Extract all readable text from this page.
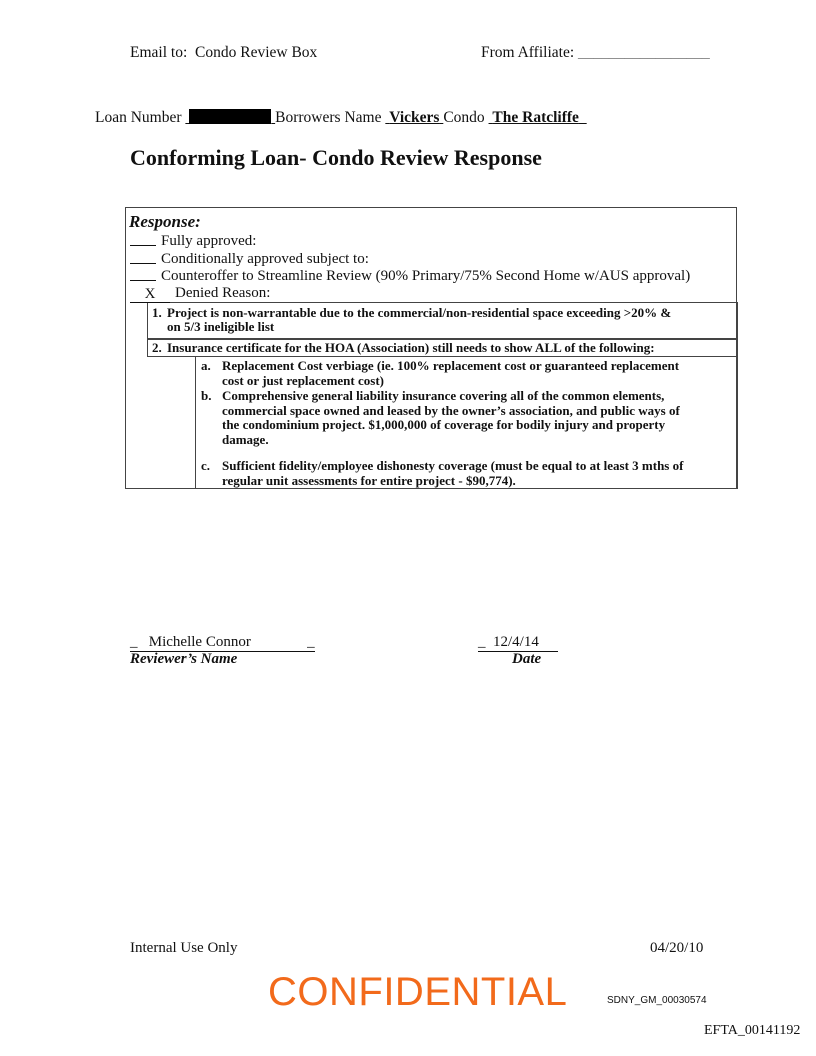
Email to: Condo Review Box	From Affiliate: _________________
Loan Number	Borrowers Name Vickers Condo The Ratcliffe
Conforming Loan- Condo Review Response
Response:
Fully approved:
Conditionally approved subject to:
Counteroffer to Streamline Review (90% Primary/75% Second Home w/AUS approval)
X Denied Reason:
1. Project is non-warrantable due to the commercial/non-residential space exceeding >20% &
on 5/3 ineligible list
2. Insurance certificate for the HOA (Association) still needs to show ALL of the following:
a. Replacement Cost verbiage (ie. 100% replacement cost or guaranteed replacement
cost or just replacement cost)
b. Comprehensive general liability insurance covering all of the common elements,
commercial space owned and leased by the owner’s association, and public ways of
the condominium project. $1,000,000 of coverage for bodily injury and property
damage.
c. Sufficient fidelity/employee dishonesty coverage (must be equal to at least 3 mths of
regular unit assessments for entire project - $90,774).
_   Michelle Connor               _
Reviewer’s Name
_  12/4/14
Date
Internal Use Only	04/20/10
CONFIDENTIAL	SDNY_GM_00030574
EFTA_00141192
